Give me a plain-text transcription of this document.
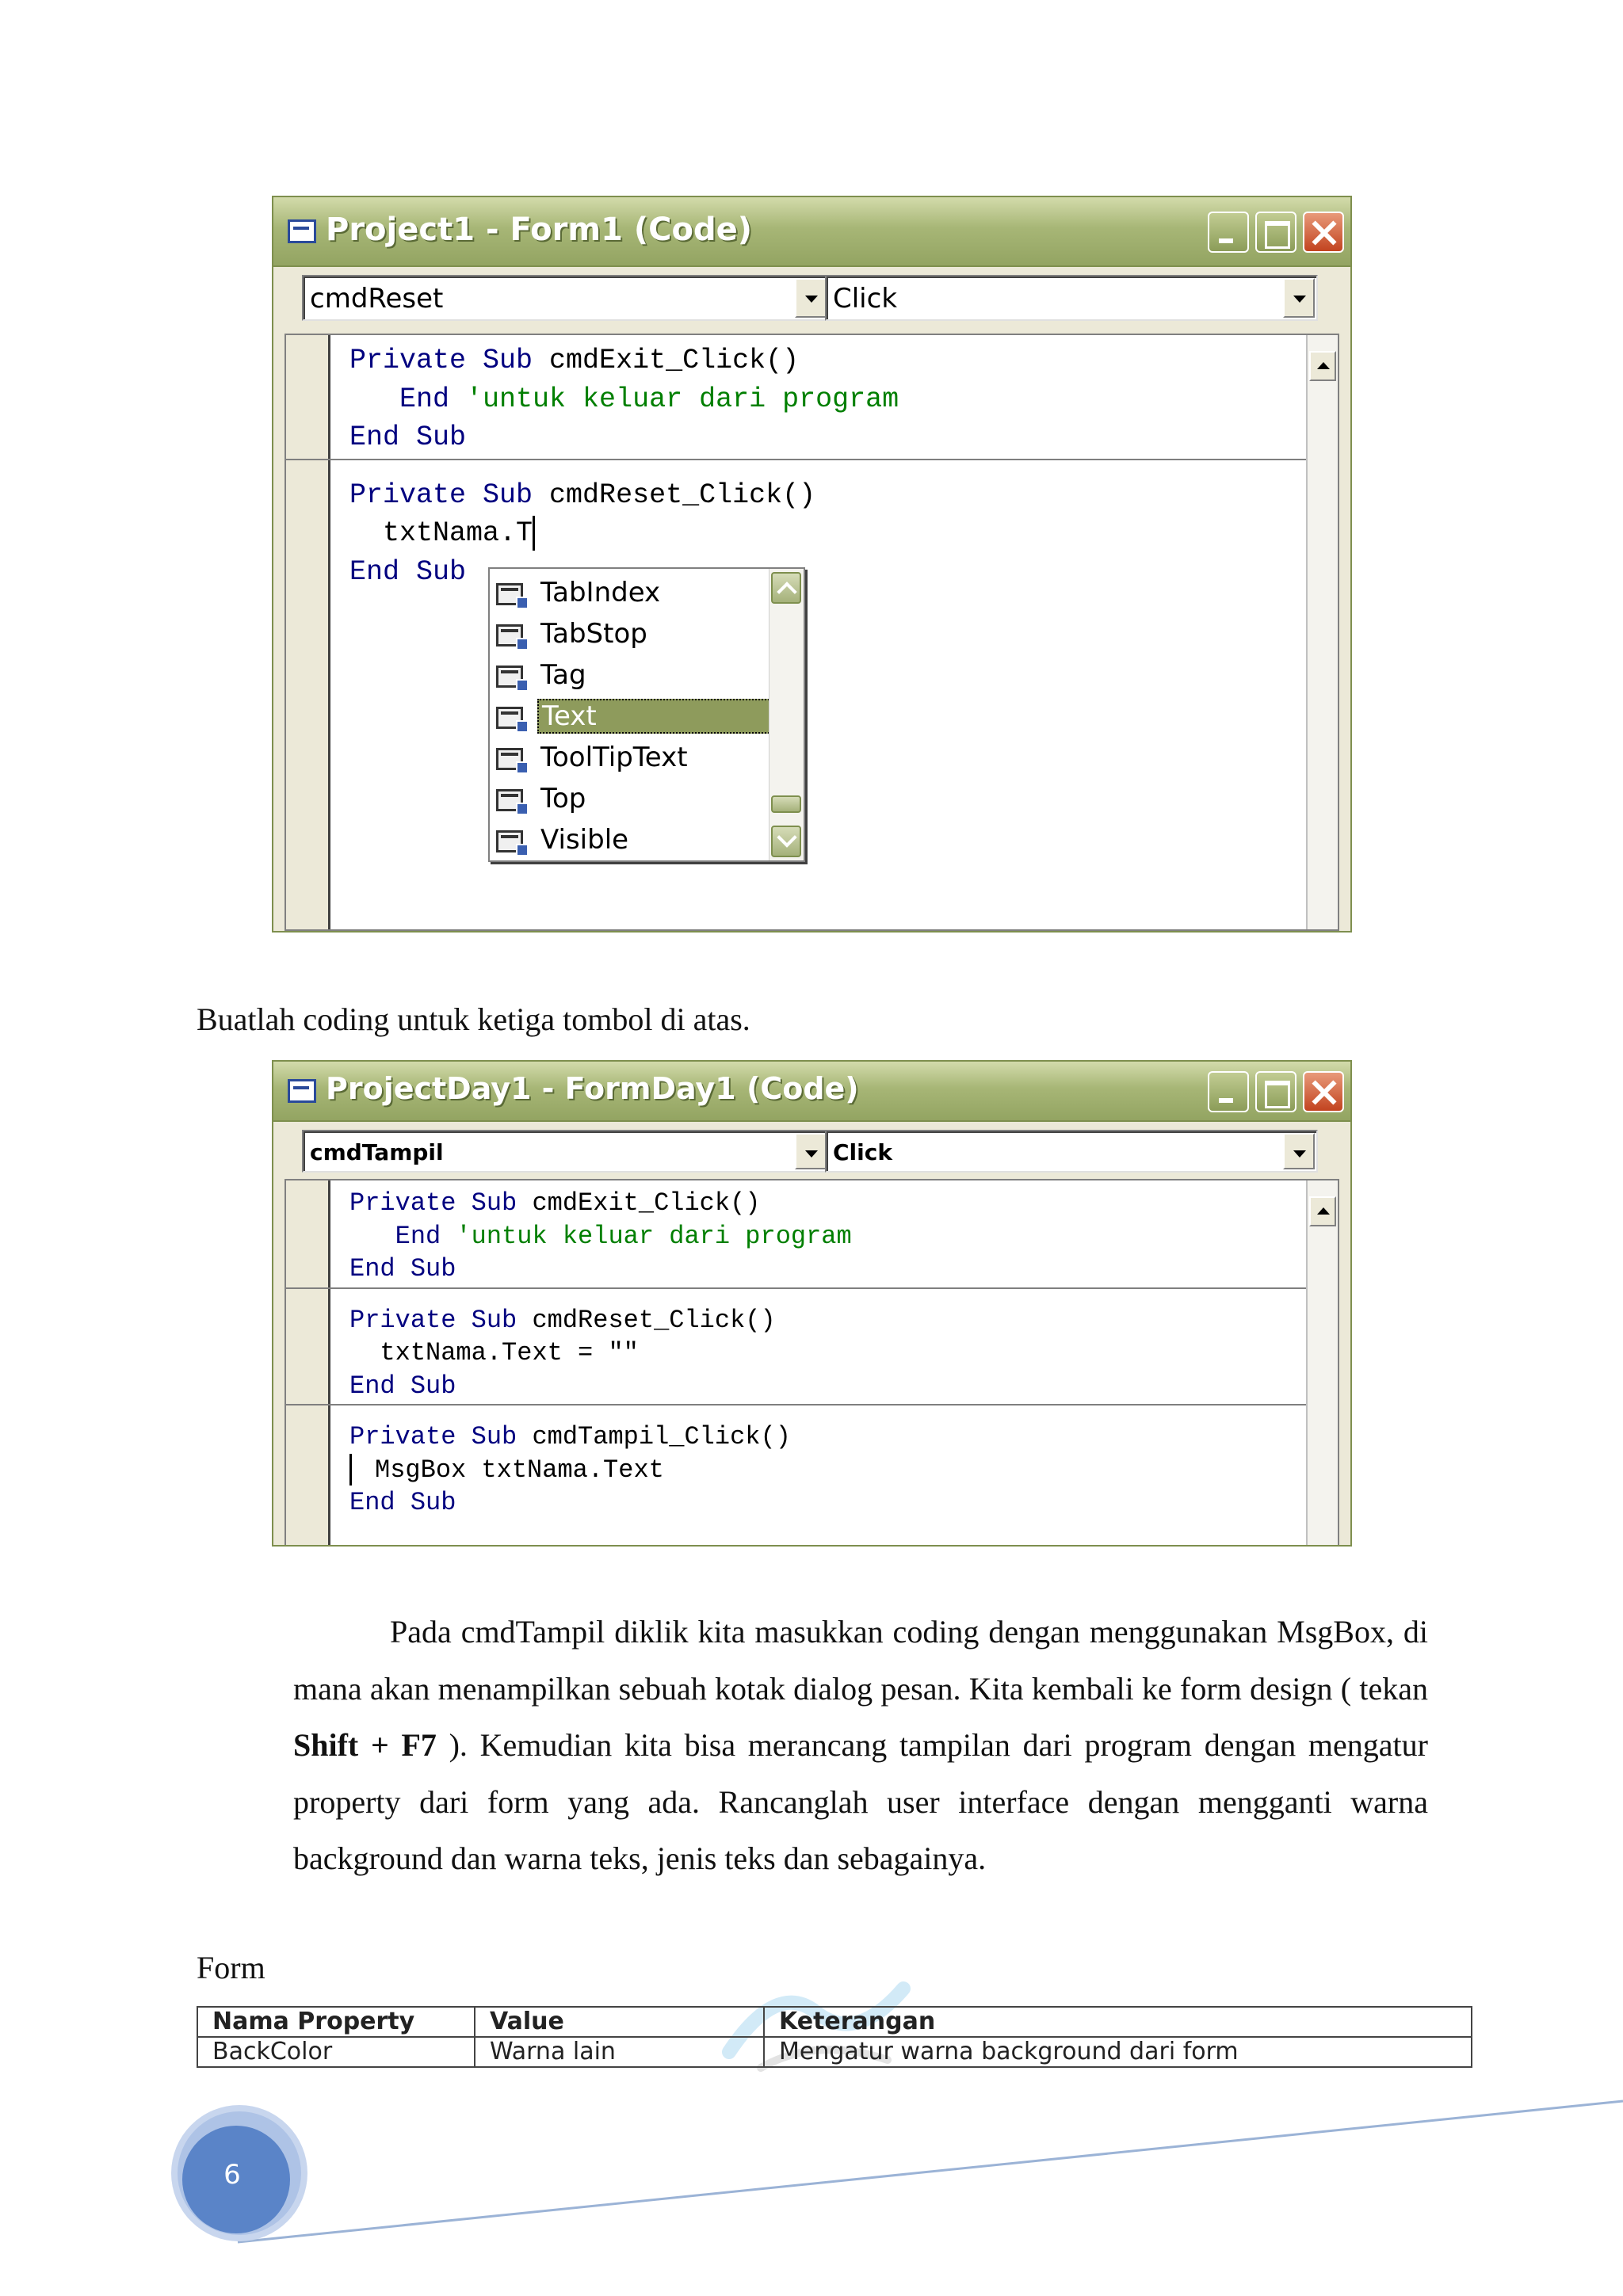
Project1 - Form1 (Code)
cmdReset	Click
Private Sub cmdExit_Click()
End 'untuk keluar dari program
End Sub
Private Sub cmdReset_Click()
txtNama.T
End Sub
TabIndex
TabStop
Tag
Text
ToolTipText
Top
Visible
Buatlah coding untuk ketiga tombol di atas.
ProjectDay1 - FormDay1 (Code)
cmdTampil	Click
Private Sub cmdExit_Click()
End 'untuk keluar dari program
End Sub
Private Sub cmdReset_Click()
txtNama.Text = ""
End Sub
Private Sub cmdTampil_Click()
MsgBox txtNama.Text
End Sub

Pada cmdTampil diklik kita masukkan coding dengan menggunakan MsgBox, di mana akan menampilkan sebuah kotak dialog pesan. Kita kembali ke form design ( tekan Shift + F7 ). Kemudian kita bisa merancang tampilan dari program dengan mengatur property dari form yang ada. Rancanglah user interface dengan mengganti warna background dan warna teks, jenis teks dan sebagainya.

Form
Nama Property	Value	Keterangan
BackColor	Warna lain	Mengatur warna background dari form
6
